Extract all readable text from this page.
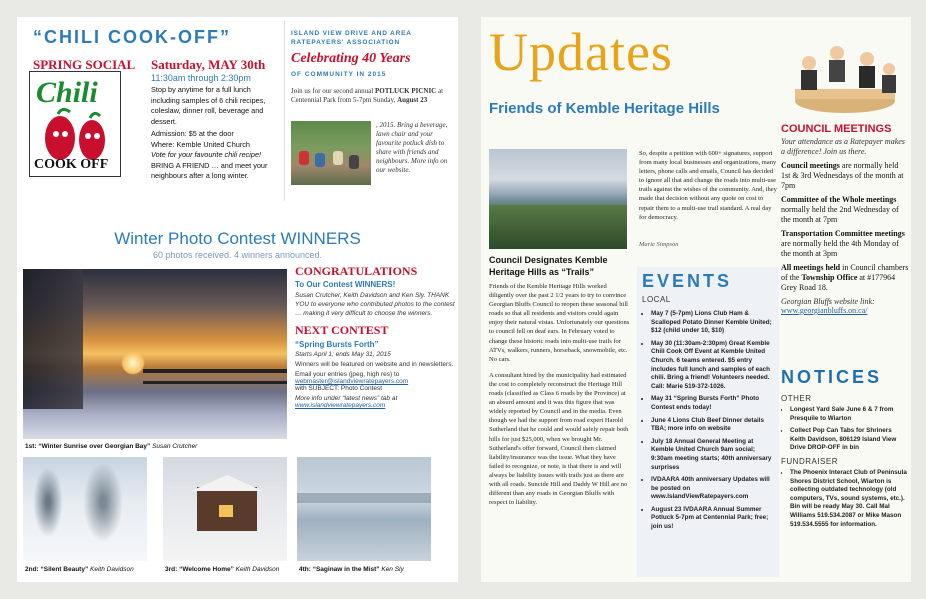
“CHILI COOK-OFF”
Chili
COOK OFF
SPRING SOCIAL Saturday, MAY 30th
11:30am through 2:30pm

Stop by anytime for a full lunch including samples of 6 chili recipes, coleslaw, dinner roll, beverage and dessert.

Admission: $5 at the door

Where: Kemble United Church

Vote for your favourite chili recipe!

BRING A FRIEND … and meet your neighbours after a long winter.

ISLAND VIEW DRIVE AND AREA RATEPAYERS' ASSOCIATION
Celebrating 40 Years
OF COMMUNITY IN 2015
Join us for our second annual POTLUCK PICNIC at Centennial Park from 5-7pm Sunday, August 23
, 2015. Bring a beverage, lawn chair and your favourite potluck dish to share with friends and neighbours. More info on our website.
Winter Photo Contest WINNERS
60 photos received. 4 winners announced.
1st: “Winter Sunrise over Georgian Bay” Susan Crutcher
CONGRATULATIONS
To Our Contest WINNERS!
Susan Crutcher, Keith Davidson and Ken Sly. THANK YOU to everyone who contributed photos to the contest … making it very difficult to choose the winners.
NEXT CONTEST
“Spring Bursts Forth”
Starts April 1; ends May 31, 2015
Winners will be featured on website and in newsletters.
Email your entries (jpeg, high res) to
webmaster@islandviewratepayers.com
with SUBJECT: Photo Contest
More info under “latest news” tab at
www.islandviewratepayers.com
2nd: “Silent Beauty” Keith Davidson	3rd: “Welcome Home” Keith Davidson	4th: “Saginaw in the Mist” Ken Sly
Updates
Friends of Kemble Heritage Hills
Council Designates Kemble Heritage Hills as “Trails”

Friends of the Kemble Heritage Hills worked diligently over the past 2 1/2 years to try to convince Georgian Bluffs Council to reopen these seasonal hill roads so that all residents and visitors could again enjoy their natural vistas. Unfortunately our questions to council fell on deaf ears. In February voted to change these historic roads into multi-use trails for ATVs, walkers, runners, horseback, snowmobile, etc. No cars.

A consultant hired by the municipality had estimated the cost to completely reconstruct the Heritage Hill roads (classified as Class 6 roads by the Province) at an absurd amount and it was this figure that was widely reported by Council and in the media. Even though we had the support from road expert Harold Sutherland that he could and would safely repair both hills for just $25,000, when we brought Mr. Sutherland's offer forward, Council then claimed liability/insurance was the issue. What they have failed to recognize, or note, is that there is and will always be liability issues with trails just as there are with all roads. Suncide Hill and Daddy W Hill are no different than any roads in Georgian Bluffs with respect to liability.

So, despite a petition with 600+ signatures, support from many local businesses and organizations, many letters, phone calls and emails, Council has decided to ignore all that and change the roads into multi-use trails against the wishes of the community. And, they made that decision without any quote on cost to repair them to a multi-use trail standard. A real day for democracy.

Marie Simpson

EVENTS
LOCAL
• May 7 (5-7pm) Lions Club Ham & Scalloped Potato Dinner Kemble United; $12 (child under 10, $10)
• May 30 (11:30am-2:30pm) Great Kemble Chili Cook Off Event at Kemble United Church. 6 teams entered. $5 entry includes full lunch and samples of each chili. Bring a friend! Volunteers needed. Call: Marie 519-372-1026.
• May 31 “Spring Bursts Forth” Photo Contest ends today!
• June 4 Lions Club Beef Dinner details TBA; more info on website
• July 18 Annual General Meeting at Kemble United Church 9am social; 9:30am meeting starts; 40th anniversary surprises
• IVDAARA 40th anniversary Updates will be posted on www.IslandViewRatepayers.com
• August 23 IVDAARA Annual Summer Potluck 5-7pm at Centennial Park; free; join us!
COUNCIL MEETINGS
Your attendance as a Ratepayer makes a difference! Join us there.
Council meetings are normally held 1st & 3rd Wednesdays of the month at 7pm
Committee of the Whole meetings normally held the 2nd Wednesday of the month at 7pm
Transportation Committee meetings are normally held the 4th Monday of the month at 3pm
All meetings held in Council chambers of the Township Office at #177964 Grey Road 18.
Georgian Bluffs website link:
www.georgianbluffs.on.ca/
NOTICES
OTHER
• Longest Yard Sale June 6 & 7 from Presquile to Wiarton
• Collect Pop Can Tabs for Shriners Keith Davidson, 806129 Island View Drive DROP-OFF in bin
FUNDRAISER
• The Phoenix Interact Club of Peninsula Shores District School, Wiarton is collecting outdated technology (old computers, TVs, sound systems, etc.). Bin will be ready May 30. Call Mal Williams 519.534.2087 or Mike Mason 519.534.5555 for information.
